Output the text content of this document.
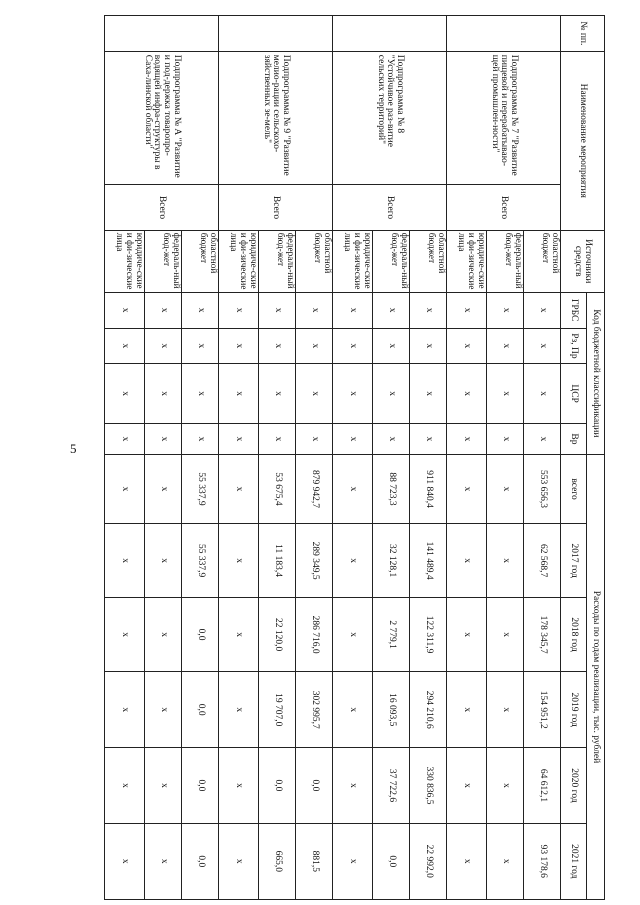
5
№ пп.	Наименование мероприятия		Источники средств	Код бюджетной классификации				Расходы по годам реализации, тыс. рублей					
				ГРБС	Рз, Пр	ЦСР	Вр	всего	2017 год	2018 год	2019 год	2020 год	2021 год

	Подпрограмма № 7 "Развитие пищевой и перерабатываю-щей промышлен-ности"	Всего	областной бюджет	х	х	х	х	553 656,3	62 568,7	178 345,7	154 951,2	64 612,1	93 178,6
			федераль-ный бюд-жет	х	х	х	х	х	х	х	х	х	х
			юридиче-ские и фи-зические лица	х	х	х	х	х	х	х	х	х	х

	Подпрограмма № 8 "Устойчивое раз-витие сельских территорий"	Всего	областной бюджет	х	х	х	х	911 840,4	141 489,4	122 311,9	294 210,6	330 836,5	22 992,0
			федераль-ный бюд-жет	х	х	х	х	88 723,3	32 128,1	2 779,1	16 093,5	37 722,6	0,0
			юридиче-ские и фи-зические лица	х	х	х	х	х	х	х	х	х	х

	Подпрограмма № 9 "Развитие мелио-рации сельскохо-зяйственных зе-мель"	Всего	областной бюджет	х	х	х	х	879 942,7	289 349,5	286 716,0	302 995,7	0,0	881,5
			федераль-ный бюд-жет	х	х	х	х	53 675,4	11 183,4	22 120,0	19 707,0	0,0	665,0
			юридиче-ские и фи-зические лица	х	х	х	х	х	х	х	х	х	х

	Подпрограмма № А "Развитие и под-держка товаропро-водящей инфра-структуры в Саха-линской области"	Всего	областной бюджет	х	х	х	х	55 337,9	55 337,9	0,0	0,0	0,0	0,0
			федераль-ный бюд-жет	х	х	х	х	х	х	х	х	х	х
			юридиче-ские и фи-зические лица	х	х	х	х	х	х	х	х	х	х
